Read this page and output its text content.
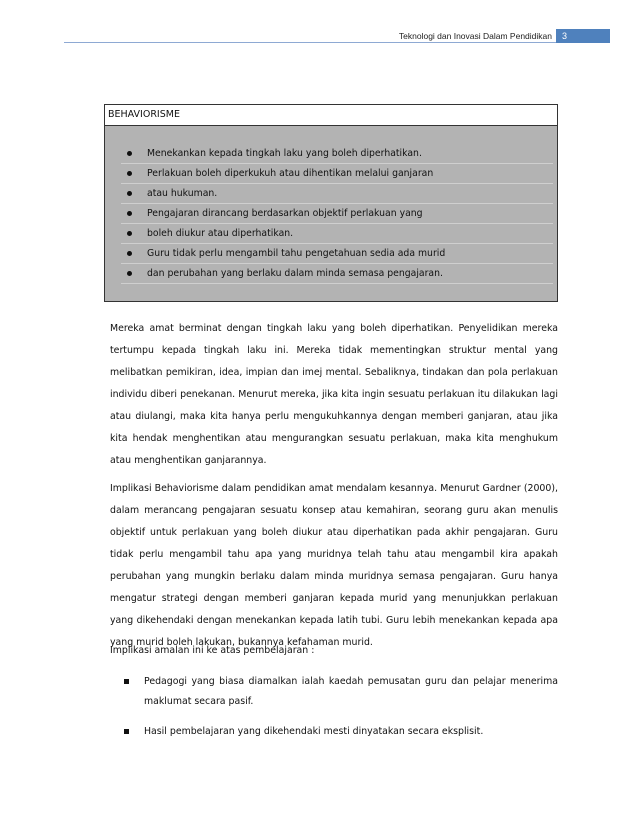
Teknologi dan Inovasi Dalam Pendidikan	3
BEHAVIORISME
Menekankan kepada tingkah laku yang boleh diperhatikan.
Perlakuan boleh diperkukuh atau dihentikan melalui ganjaran
atau hukuman.
Pengajaran dirancang berdasarkan objektif perlakuan yang
boleh diukur atau diperhatikan.
Guru tidak perlu mengambil tahu pengetahuan sedia ada murid
dan perubahan yang berlaku dalam minda semasa pengajaran.

Mereka amat berminat dengan tingkah laku yang boleh diperhatikan. Penyelidikan mereka tertumpu kepada tingkah laku ini. Mereka tidak mementingkan struktur mental yang melibatkan pemikiran, idea, impian dan imej mental. Sebaliknya, tindakan dan pola perlakuan individu diberi penekanan. Menurut mereka, jika kita ingin sesuatu perlakuan itu dilakukan lagi atau diulangi, maka kita hanya perlu mengukuhkannya dengan memberi ganjaran, atau jika kita hendak menghentikan atau mengurangkan sesuatu perlakuan, maka kita menghukum atau menghentikan ganjarannya.

Implikasi Behaviorisme dalam pendidikan amat mendalam kesannya. Menurut Gardner (2000), dalam merancang pengajaran sesuatu konsep atau kemahiran, seorang guru akan menulis objektif untuk perlakuan yang boleh diukur atau diperhatikan pada akhir pengajaran. Guru tidak perlu mengambil tahu apa yang muridnya telah tahu atau mengambil kira apakah perubahan yang mungkin berlaku dalam minda muridnya semasa pengajaran. Guru hanya mengatur strategi dengan memberi ganjaran kepada murid yang menunjukkan perlakuan yang dikehendaki dengan menekankan kepada latih tubi. Guru lebih menekankan kepada apa yang murid boleh lakukan, bukannya kefahaman murid.

Implikasi amalan ini ke atas pembelajaran :

Pedagogi yang biasa diamalkan ialah kaedah pemusatan guru dan pelajar menerima maklumat secara pasif.
Hasil pembelajaran yang dikehendaki mesti dinyatakan secara eksplisit.
